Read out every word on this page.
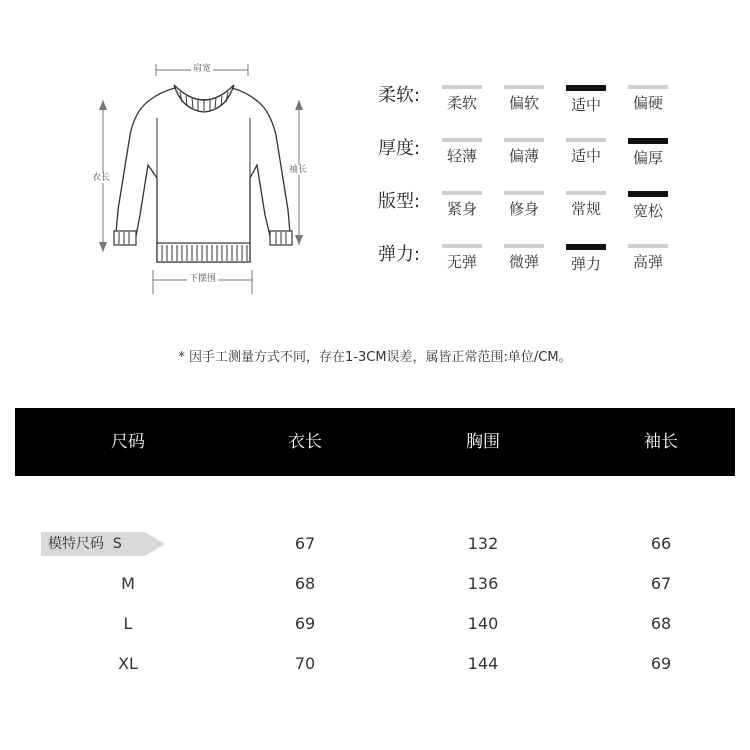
肩宽
衣长
袖长
下摆围
柔软:	柔软	偏软	适中	偏硬
厚度:	轻薄	偏薄	适中	偏厚
版型:	紧身	修身	常规	宽松
弹力:	无弹	微弹	弹力	高弹
* 因手工测量方式不同，存在1-3CM误差，属皆正常范围:单位/CM。
尺码	衣长	胸围	袖长
模特尺码 S	67	132	66
M	68	136	67
L	69	140	68
XL	70	144	69
